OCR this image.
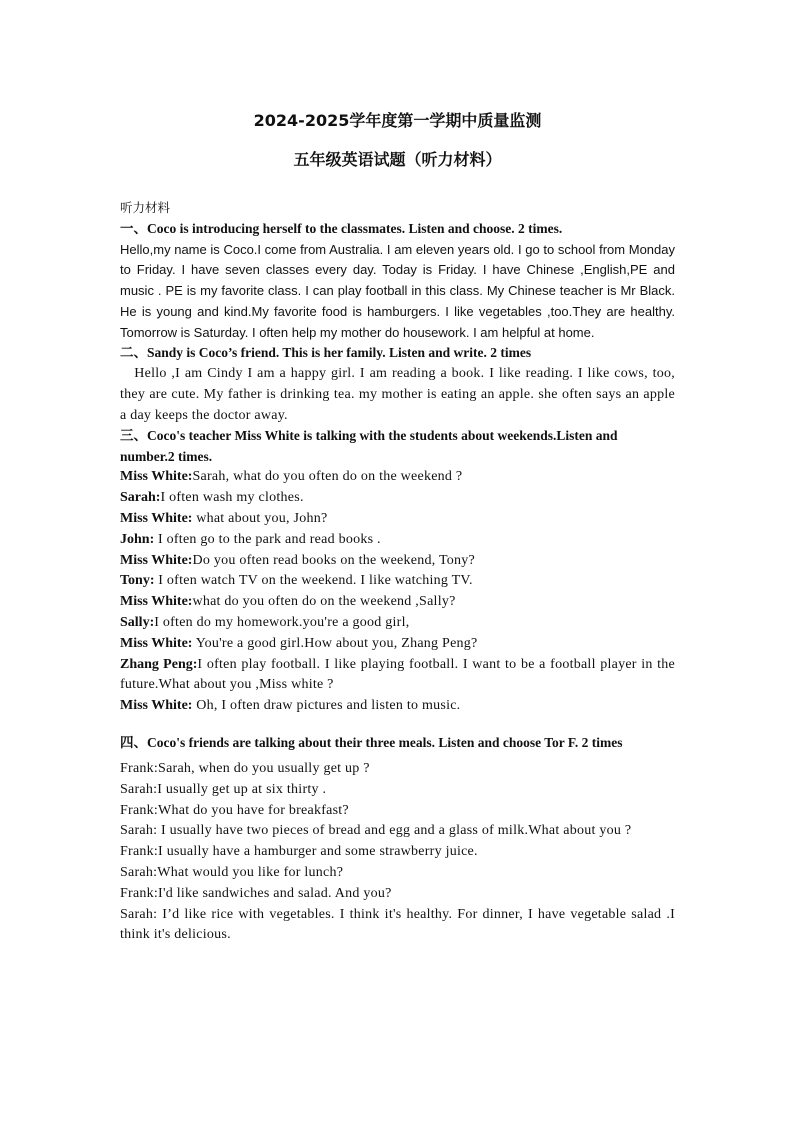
2024-2025学年度第一学期中质量监测
五年级英语试题（听力材料）
听力材料

一、Coco is introducing herself to the classmates. Listen and choose. 2 times.

Hello,my name is Coco.I come from Australia. I am eleven years old. I go to school from Monday to Friday. I have seven classes every day. Today is Friday. I have Chinese ,English,PE and music . PE is my favorite class. I can play football in this class. My Chinese teacher is Mr Black. He is young and kind.My favorite food is hamburgers. I like vegetables ,too.They are healthy. Tomorrow is Saturday. I often help my mother do housework. I am helpful at home.

二、Sandy is Coco’s friend. This is her family. Listen and write. 2 times

Hello ,I am Cindy I am a happy girl. I am reading a book. I like reading. I like cows, too, they are cute. My father is drinking tea. my mother is eating an apple. she often says an apple a day keeps the doctor away.

三、Coco's teacher Miss White is talking with the students about weekends.Listen and number.2 times.

Miss White:Sarah, what do you often do on the weekend ?

Sarah:I often wash my clothes.

Miss White: what about you, John?

John: I often go to the park and read books .

Miss White:Do you often read books on the weekend, Tony?

Tony: I often watch TV on the weekend. I like watching TV.

Miss White:what do you often do on the weekend ,Sally?

Sally:I often do my homework.you're a good girl,

Miss White: You're a good girl.How about you, Zhang Peng?

Zhang Peng:I often play football. I like playing football. I want to be a football player in the future.What about you ,Miss white ?

Miss White: Oh, I often draw pictures and listen to music.

四、Coco's friends are talking about their three meals. Listen and choose Tor F. 2 times

Frank:Sarah, when do you usually get up ?

Sarah:I usually get up at six thirty .

Frank:What do you have for breakfast?

Sarah: I usually have two pieces of bread and egg and a glass of milk.What about you ?

Frank:I usually have a hamburger and some strawberry juice.

Sarah:What would you like for lunch?

Frank:I'd like sandwiches and salad. And you?

Sarah: I’d like rice with vegetables. I think it's healthy. For dinner, I have vegetable salad .I think it's delicious.
